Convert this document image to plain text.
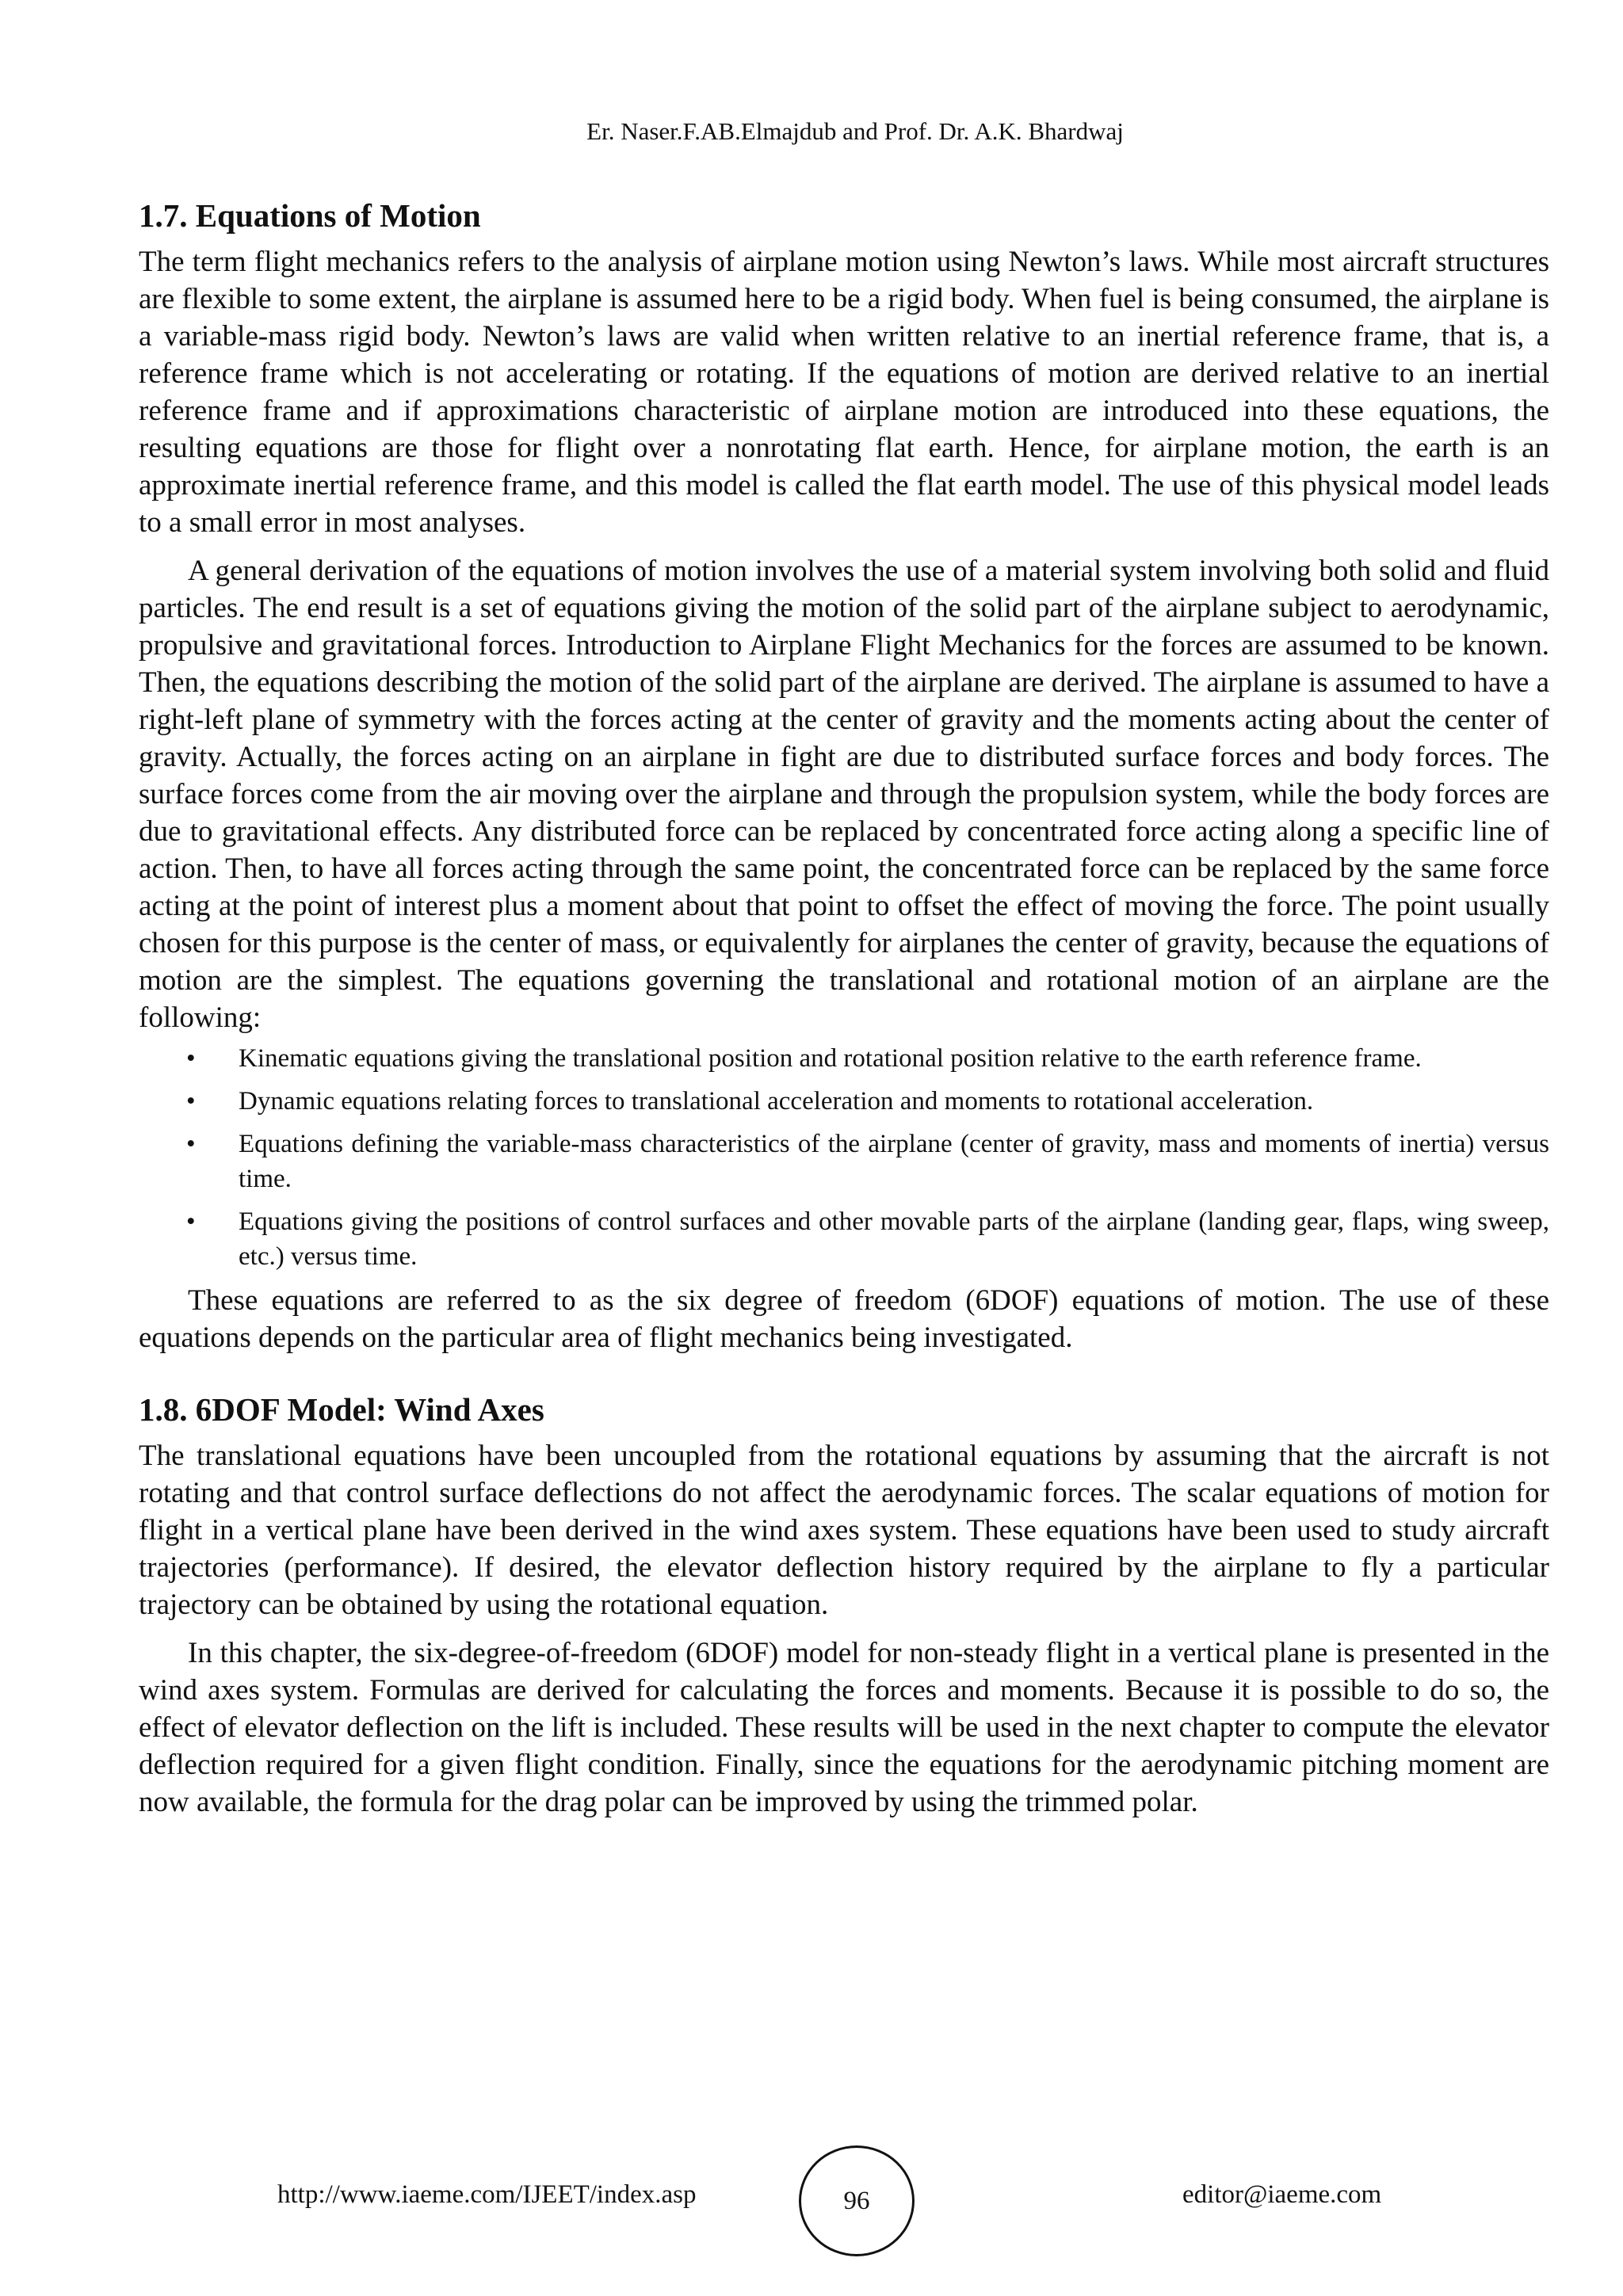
Er. Naser.F.AB.Elmajdub and Prof. Dr. A.K. Bhardwaj
1.7. Equations of Motion

The term flight mechanics refers to the analysis of airplane motion using Newton’s laws. While most aircraft structures are flexible to some extent, the airplane is assumed here to be a rigid body. When fuel is being consumed, the airplane is a variable-mass rigid body. Newton’s laws are valid when written relative to an inertial reference frame, that is, a reference frame which is not accelerating or rotating. If the equations of motion are derived relative to an inertial reference frame and if approximations characteristic of airplane motion are introduced into these equations, the resulting equations are those for flight over a nonrotating flat earth. Hence, for airplane motion, the earth is an approximate inertial reference frame, and this model is called the flat earth model. The use of this physical model leads to a small error in most analyses.

A general derivation of the equations of motion involves the use of a material system involving both solid and fluid particles. The end result is a set of equations giving the motion of the solid part of the airplane subject to aerodynamic, propulsive and gravitational forces. Introduction to Airplane Flight Mechanics for the forces are assumed to be known. Then, the equations describing the motion of the solid part of the airplane are derived. The airplane is assumed to have a right-left plane of symmetry with the forces acting at the center of gravity and the moments acting about the center of gravity. Actually, the forces acting on an airplane in fight are due to distributed surface forces and body forces. The surface forces come from the air moving over the airplane and through the propulsion system, while the body forces are due to gravitational effects. Any distributed force can be replaced by concentrated force acting along a specific line of action. Then, to have all forces acting through the same point, the concentrated force can be replaced by the same force acting at the point of interest plus a moment about that point to offset the effect of moving the force. The point usually chosen for this purpose is the center of mass, or equivalently for airplanes the center of gravity, because the equations of motion are the simplest. The equations governing the translational and rotational motion of an airplane are the following:

• Kinematic equations giving the translational position and rotational position relative to the earth reference frame.
• Dynamic equations relating forces to translational acceleration and moments to rotational acceleration.
• Equations defining the variable-mass characteristics of the airplane (center of gravity, mass and moments of inertia) versus time.
• Equations giving the positions of control surfaces and other movable parts of the airplane (landing gear, flaps, wing sweep, etc.) versus time.

These equations are referred to as the six degree of freedom (6DOF) equations of motion. The use of these equations depends on the particular area of flight mechanics being investigated.

1.8. 6DOF Model: Wind Axes

The translational equations have been uncoupled from the rotational equations by assuming that the aircraft is not rotating and that control surface deflections do not affect the aerodynamic forces. The scalar equations of motion for flight in a vertical plane have been derived in the wind axes system. These equations have been used to study aircraft trajectories (performance). If desired, the elevator deflection history required by the airplane to fly a particular trajectory can be obtained by using the rotational equation.

In this chapter, the six-degree-of-freedom (6DOF) model for non-steady flight in a vertical plane is presented in the wind axes system. Formulas are derived for calculating the forces and moments. Because it is possible to do so, the effect of elevator deflection on the lift is included. These results will be used in the next chapter to compute the elevator deflection required for a given flight condition. Finally, since the equations for the aerodynamic pitching moment are now available, the formula for the drag polar can be improved by using the trimmed polar.

http://www.iaeme.com/IJEET/index.asp	96	editor@iaeme.com
